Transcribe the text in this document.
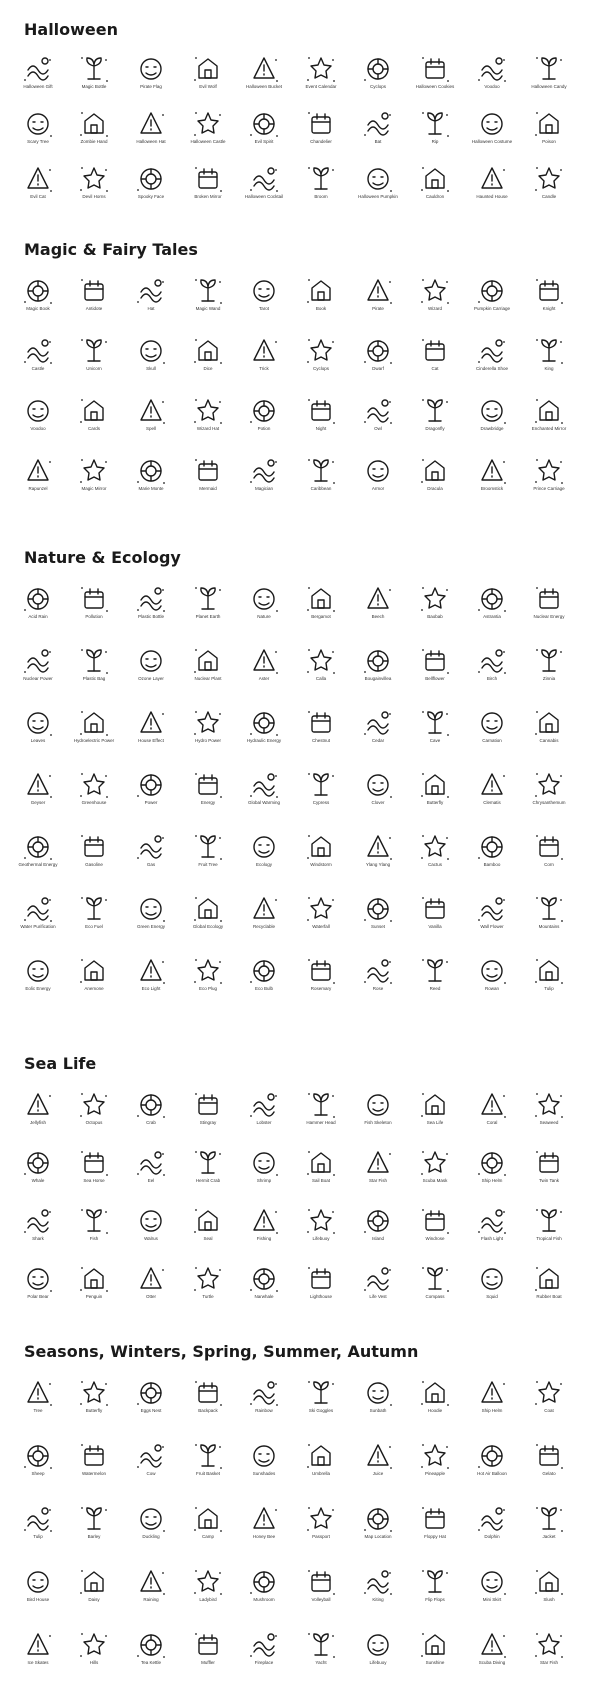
Halloween
Halloween Gift	Magic Bottle	Pirate Flag	Evil Wolf	Halloween Bucket	Event Calendar	Cyclops	Halloween Cookies	Voodoo	Halloween Candy
Scary Tree	Zombie Hand	Halloween Hat	Halloween Castle	Evil Spirit	Chandelier	Bat	Rip	Halloween Costume	Poison
Evil Cat	Devil Horns	Spooky Face	Broken Mirror	Halloween Cocktail	Broom	Halloween Pumpkin	Cauldron	Haunted House	Candle
Magic & Fairy Tales
Magic Book	Antidote	Hat	Magic Wand	Tarot	Book	Pirate	Wizard	Pumpkin Carriage	Knight
Castle	Unicorn	Skull	Dice	Trick	Cyclops	Dwarf	Cat	Cinderella Shoe	King
Voodoo	Cards	Spell	Wizard Hat	Potion	Night	Owl	Dragonfly	Drawbridge	Enchanted Mirror
Rapunzel	Magic Mirror	Marie Monte	Mermaid	Magician	Caribbean	Armor	Dracula	Broomstick	Prince Carriage
Nature & Ecology
Acid Rain	Pollution	Plastic Bottle	Planet Earth	Nature	Bergamot	Beech	Baobab	Astrantia	Nuclear Energy
Nuclear Power	Plastic Bag	Ozone Layer	Nuclear Plant	Aster	Calla	Bougainvillea	Bellflower	Birch	Zinnia
Leaves	Hydroelectric Power	House Effect	Hydro Power	Hydraulic Energy	Chestnut	Cedar	Cave	Carnation	Cannabis
Geyser	Greenhouse	Power	Energy	Global Warming	Cypress	Clover	Butterfly	Clematis	Chrysanthemum
Geothermal Energy	Gasoline	Gas	Fruit Tree	Ecology	Windstorm	Ylang Ylang	Cactus	Bamboo	Corn
Water Purification	Eco Fuel	Green Energy	Global Ecology	Recyclable	Waterfall	Sunset	Vanilla	Wall Flower	Mountains
Eolic Energy	Anemone	Eco Light	Eco Plug	Eco Bulb	Rosemary	Rose	Reed	Rowan	Tulip
Sea Life
Jellyfish	Octopus	Crab	Stingray	Lobster	Hammer Head	Fish Skeleton	Sea Life	Coral	Seaweed
Whale	Sea Horse	Eel	Hermit Crab	Shrimp	Sail Boat	Star Fish	Scuba Mask	Ship Helm	Twin Tank
Shark	Fish	Walrus	Seal	Fishing	Lifebuoy	Island	Windrose	Flash Light	Tropical Fish
Polar Bear	Penguin	Otter	Turtle	Narwhale	Lighthouse	Life Vest	Compass	Squid	Rubber Boat
Seasons, Winters, Spring, Summer, Autumn
Tree	Butterfly	Eggs Nest	Backpack	Rainbow	Ski Goggles	Sunbath	Hoodie	Ship Helm	Coat
Sheep	Watermelon	Cow	Fruit Basket	Sunshades	Umbrella	Juice	Pineapple	Hot Air Balloon	Gelato
Tulip	Barley	Duckling	Camp	Honey Bee	Passport	Map Location	Floppy Hat	Dolphin	Jacket
Bird House	Daisy	Raining	Ladybird	Mushroom	Volleyball	Kiting	Flip Flops	Mini Skirt	Slush
Ice Skates	Hills	Tea Kettle	Muffler	Fireplace	Yacht	Lifebuoy	Sunshine	Scuba Diving	Star Fish
